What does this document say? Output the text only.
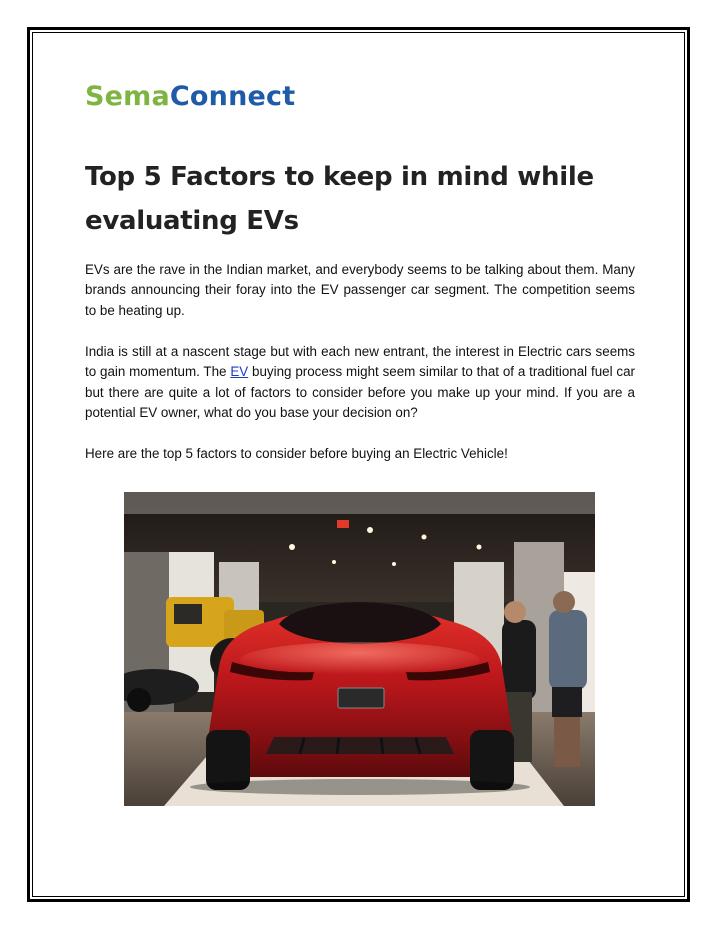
SemaConnect
Top 5 Factors to keep in mind while evaluating EVs
EVs are the rave in the Indian market, and everybody seems to be talking about them. Many brands announcing their foray into the EV passenger car segment. The competition seems to be heating up.
India is still at a nascent stage but with each new entrant, the interest in Electric cars seems to gain momentum. The EV buying process might seem similar to that of a traditional fuel car but there are quite a lot of factors to consider before you make up your mind. If you are a potential EV owner, what do you base your decision on?
Here are the top 5 factors to consider before buying an Electric Vehicle!
